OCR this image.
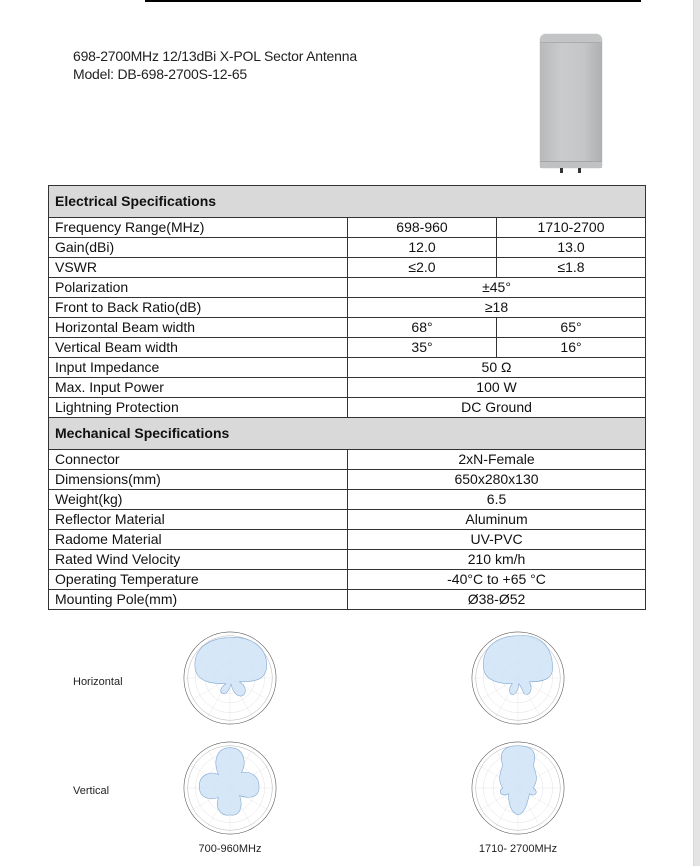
698-2700MHz 12/13dBi X-POL Sector Antenna
Model: DB-698-2700S-12-65
Electrical Specifications		
Frequency Range(MHz)	698-960	1710-2700
Gain(dBi)	12.0	13.0
VSWR	≤2.0	≤1.8
Polarization	±45°	
Front to Back Ratio(dB)	≥18	
Horizontal Beam width	68°	65°
Vertical Beam width	35°	16°
Input Impedance	50 Ω	
Max. Input Power	100 W	
Lightning Protection	DC Ground	
Mechanical Specifications		
Connector	2xN-Female	
Dimensions(mm)	650x280x130	
Weight(kg)	6.5	
Reflector Material	Aluminum	
Radome Material	UV-PVC	
Rated Wind Velocity	210 km/h	
Operating Temperature	-40°C to +65 °C	
Mounting Pole(mm)	Ø38-Ø52	
Horizontal
Vertical
700-960MHz	1710- 2700MHz
